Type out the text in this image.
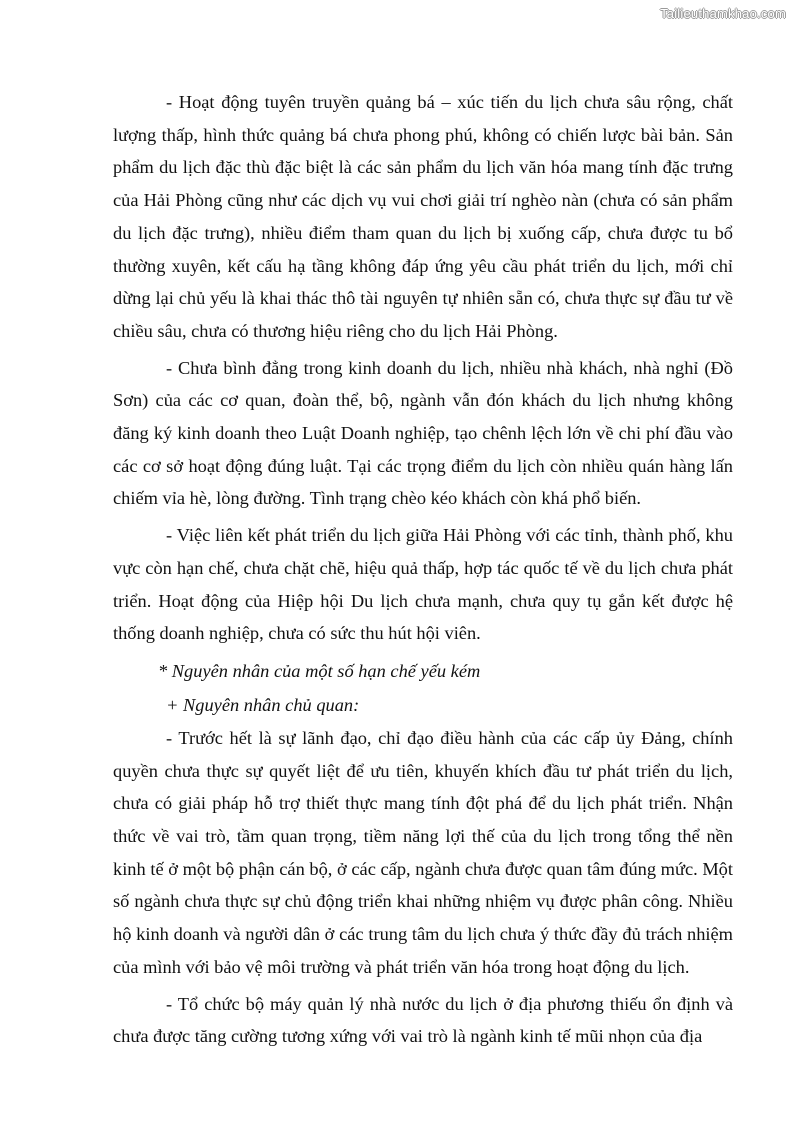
Tailieuthamkhao.com

- Hoạt động tuyên truyền quảng bá – xúc tiến du lịch chưa sâu rộng, chất lượng thấp, hình thức quảng bá chưa phong phú, không có chiến lược bài bản. Sản phẩm du lịch đặc thù đặc biệt là các sản phẩm du lịch văn hóa mang tính đặc trưng của Hải Phòng cũng như các dịch vụ vui chơi giải trí nghèo nàn (chưa có sản phẩm du lịch đặc trưng), nhiều điểm tham quan du lịch bị xuống cấp, chưa được tu bổ thường xuyên, kết cấu hạ tầng không đáp ứng yêu cầu phát triển du lịch, mới chỉ dừng lại chủ yếu là khai thác thô tài nguyên tự nhiên sẵn có, chưa thực sự đầu tư về chiều sâu, chưa có thương hiệu riêng cho du lịch Hải Phòng.

- Chưa bình đẳng trong kinh doanh du lịch, nhiều nhà khách, nhà nghỉ (Đồ Sơn) của các cơ quan, đoàn thể, bộ, ngành vẫn đón khách du lịch nhưng không đăng ký kinh doanh theo Luật Doanh nghiệp, tạo chênh lệch lớn về chi phí đầu vào các cơ sở hoạt động đúng luật. Tại các trọng điểm du lịch còn nhiều quán hàng lấn chiếm vỉa hè, lòng đường. Tình trạng chèo kéo khách còn khá phổ biến.

- Việc liên kết phát triển du lịch giữa Hải Phòng với các tỉnh, thành phố, khu vực còn hạn chế, chưa chặt chẽ, hiệu quả thấp, hợp tác quốc tế về du lịch chưa phát triển. Hoạt động của Hiệp hội Du lịch chưa mạnh, chưa quy tụ gắn kết được hệ thống doanh nghiệp, chưa có sức thu hút hội viên.

* Nguyên nhân của một số hạn chế yếu kém

+ Nguyên nhân chủ quan:

- Trước hết là sự lãnh đạo, chỉ đạo điều hành của các cấp ủy Đảng, chính quyền chưa thực sự quyết liệt để ưu tiên, khuyến khích đầu tư phát triển du lịch, chưa có giải pháp hỗ trợ thiết thực mang tính đột phá để du lịch phát triển. Nhận thức về vai trò, tầm quan trọng, tiềm năng lợi thế của du lịch trong tổng thể nền kinh tế ở một bộ phận cán bộ, ở các cấp, ngành chưa được quan tâm đúng mức. Một số ngành chưa thực sự chủ động triển khai những nhiệm vụ được phân công. Nhiều hộ kinh doanh và người dân ở các trung tâm du lịch chưa ý thức đầy đủ trách nhiệm của mình với bảo vệ môi trường và phát triển văn hóa trong hoạt động du lịch.

- Tổ chức bộ máy quản lý nhà nước du lịch ở địa phương thiếu ổn định và chưa được tăng cường tương xứng với vai trò là ngành kinh tế mũi nhọn của địa
